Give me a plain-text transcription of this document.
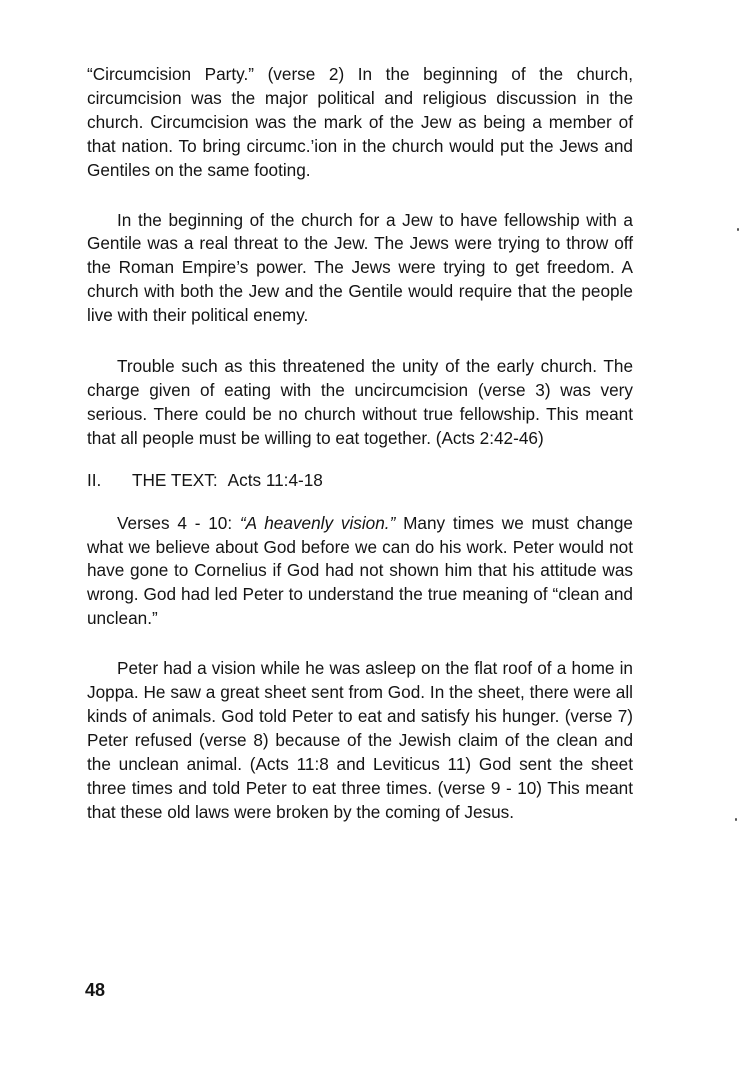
“Circumcision Party.” (verse 2) In the beginning of the church, circumcision was the major political and religious discussion in the church. Circumcision was the mark of the Jew as being a member of that nation. To bring circumc.’ion in the church would put the Jews and Gentiles on the same footing.

In the beginning of the church for a Jew to have fellowship with a Gentile was a real threat to the Jew. The Jews were trying to throw off the Roman Empire’s power. The Jews were trying to get freedom. A church with both the Jew and the Gentile would require that the people live with their political enemy.

Trouble such as this threatened the unity of the early church. The charge given of eating with the uncircumcision (verse 3) was very serious. There could be no church without true fellowship. This meant that all people must be willing to eat together. (Acts 2:42-46)

II. THE TEXT: Acts 11:4-18

Verses 4 - 10: “A heavenly vision.” Many times we must change what we believe about God before we can do his work. Peter would not have gone to Cornelius if God had not shown him that his attitude was wrong. God had led Peter to understand the true meaning of “clean and unclean.”

Peter had a vision while he was asleep on the flat roof of a home in Joppa. He saw a great sheet sent from God. In the sheet, there were all kinds of animals. God told Peter to eat and satisfy his hunger. (verse 7) Peter refused (verse 8) because of the Jewish claim of the clean and the unclean animal. (Acts 11:8 and Leviticus 11) God sent the sheet three times and told Peter to eat three times. (verse 9 - 10) This meant that these old laws were broken by the coming of Jesus.

48
